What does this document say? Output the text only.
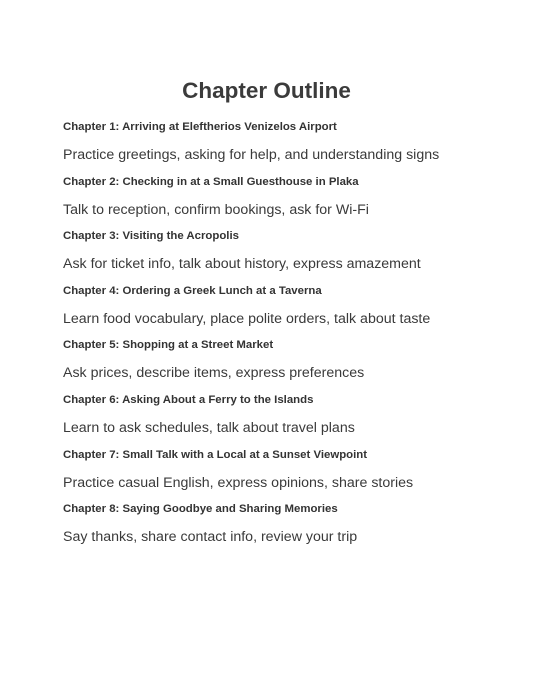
Chapter Outline

Chapter 1: Arriving at Eleftherios Venizelos Airport

Practice greetings, asking for help, and understanding signs

Chapter 2: Checking in at a Small Guesthouse in Plaka

Talk to reception, confirm bookings, ask for Wi-Fi

Chapter 3: Visiting the Acropolis

Ask for ticket info, talk about history, express amazement

Chapter 4: Ordering a Greek Lunch at a Taverna

Learn food vocabulary, place polite orders, talk about taste

Chapter 5: Shopping at a Street Market

Ask prices, describe items, express preferences

Chapter 6: Asking About a Ferry to the Islands

Learn to ask schedules, talk about travel plans

Chapter 7: Small Talk with a Local at a Sunset Viewpoint

Practice casual English, express opinions, share stories

Chapter 8: Saying Goodbye and Sharing Memories

Say thanks, share contact info, review your trip
